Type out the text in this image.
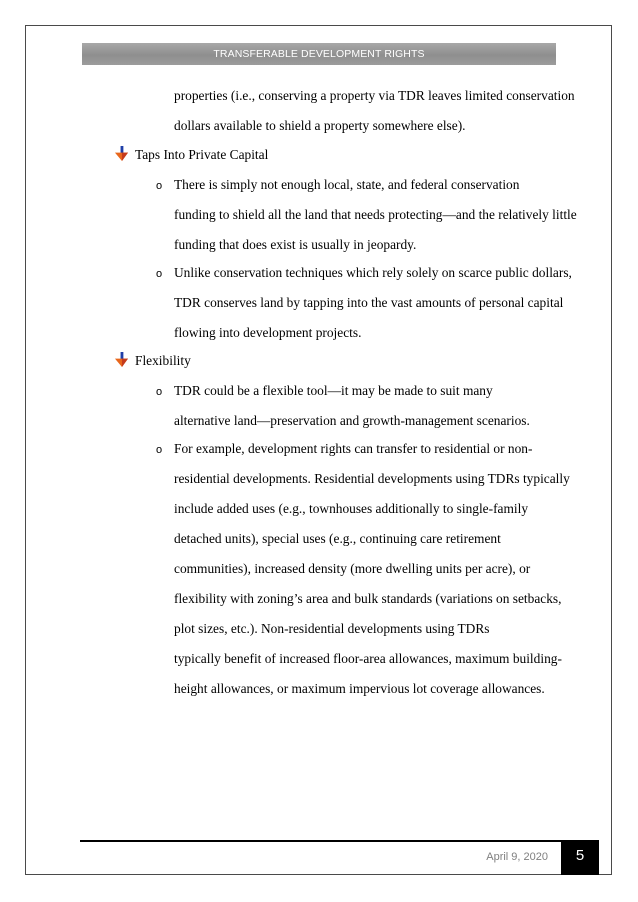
TRANSFERABLE DEVELOPMENT RIGHTS
properties (i.e., conserving a property via TDR leaves limited conservation
dollars available to shield a property somewhere else).
Taps Into Private Capital
o There is simply not enough local, state, and federal conservation
funding to shield all the land that needs protecting—and the relatively little
funding that does exist is usually in jeopardy.
o Unlike conservation techniques which rely solely on scarce public dollars,
TDR conserves land by tapping into the vast amounts of personal capital
flowing into development projects.
Flexibility
o TDR could be a flexible tool—it may be made to suit many
alternative land—preservation and growth-management scenarios.
o For example, development rights can transfer to residential or non-
residential developments. Residential developments using TDRs typically
include added uses (e.g., townhouses additionally to single-family
detached units), special uses (e.g., continuing care retirement
communities), increased density (more dwelling units per acre), or
flexibility with zoning’s area and bulk standards (variations on setbacks,
plot sizes, etc.). Non-residential developments using TDRs
typically benefit of increased floor-area allowances, maximum building-
height allowances, or maximum impervious lot coverage allowances.
April 9, 2020	5
